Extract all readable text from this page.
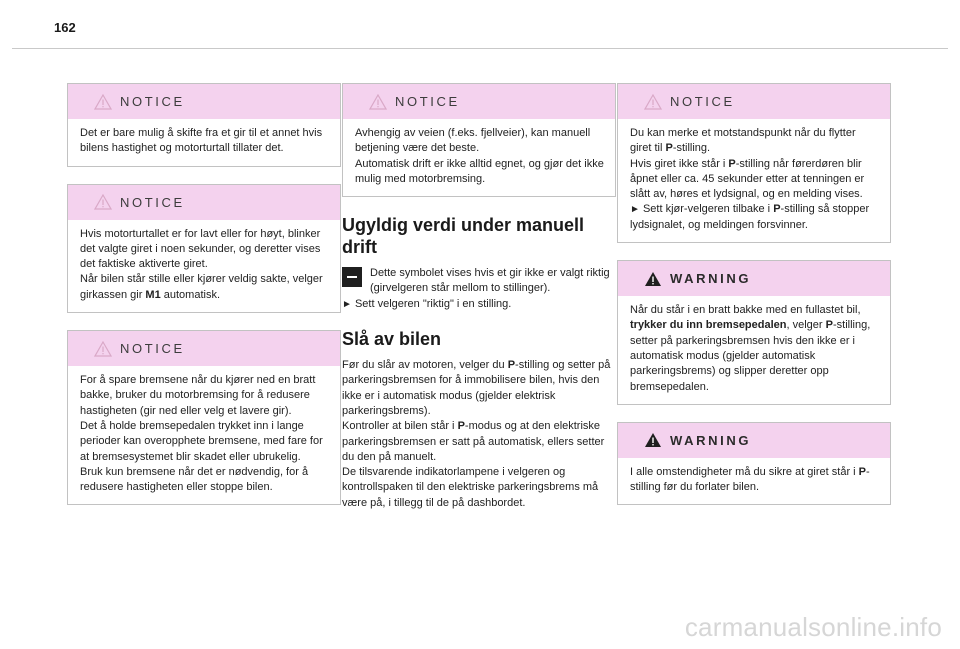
162
NOTICE
Det er bare mulig å skifte fra et gir til et annet hvis bilens hastighet og motorturtall tillater det.
NOTICE
Hvis motorturtallet er for lavt eller for høyt, blinker det valgte giret i noen sekunder, og deretter vises det faktiske aktiverte giret.
Når bilen står stille eller kjører veldig sakte, velger girkassen gir M1 automatisk.
NOTICE
For å spare bremsene når du kjører ned en bratt bakke, bruker du motorbremsing for å redusere hastigheten (gir ned eller velg et lavere gir).
Det å holde bremsepedalen trykket inn i lange perioder kan overopphete bremsene, med fare for at bremsesystemet blir skadet eller ubrukelig.
Bruk kun bremsene når det er nødvendig, for å redusere hastigheten eller stoppe bilen.
NOTICE
Avhengig av veien (f.eks. fjellveier), kan manuell betjening være det beste.
Automatisk drift er ikke alltid egnet, og gjør det ikke mulig med motorbremsing.
Ugyldig verdi under manuell drift
Dette symbolet vises hvis et gir ikke er valgt riktig (girvelgeren står mellom to stillinger).
► Sett velgeren "riktig" i en stilling.
Slå av bilen
Før du slår av motoren, velger du P-stilling og setter på parkeringsbremsen for å immobilisere bilen, hvis den ikke er i automatisk modus (gjelder elektrisk parkeringsbrems).
Kontroller at bilen står i P-modus og at den elektriske parkeringsbremsen er satt på automatisk, ellers setter du den på manuelt.
De tilsvarende indikatorlampene i velgeren og kontrollspaken til den elektriske parkeringsbrems må være på, i tillegg til de på dashbordet.
NOTICE
Du kan merke et motstandspunkt når du flytter giret til P-stilling.
Hvis giret ikke står i P-stilling når førerdøren blir åpnet eller ca. 45 sekunder etter at tenningen er slått av, høres et lydsignal, og en melding vises.
► Sett kjør-velgeren tilbake i P-stilling så stopper lydsignalet, og meldingen forsvinner.
WARNING
Når du står i en bratt bakke med en fullastet bil, trykker du inn bremsepedalen, velger P-stilling, setter på parkeringsbremsen hvis den ikke er i automatisk modus (gjelder automatisk parkeringsbrems) og slipper deretter opp bremsepedalen.
WARNING
I alle omstendigheter må du sikre at giret står i P-stilling før du forlater bilen.
carmanualsonline.info
